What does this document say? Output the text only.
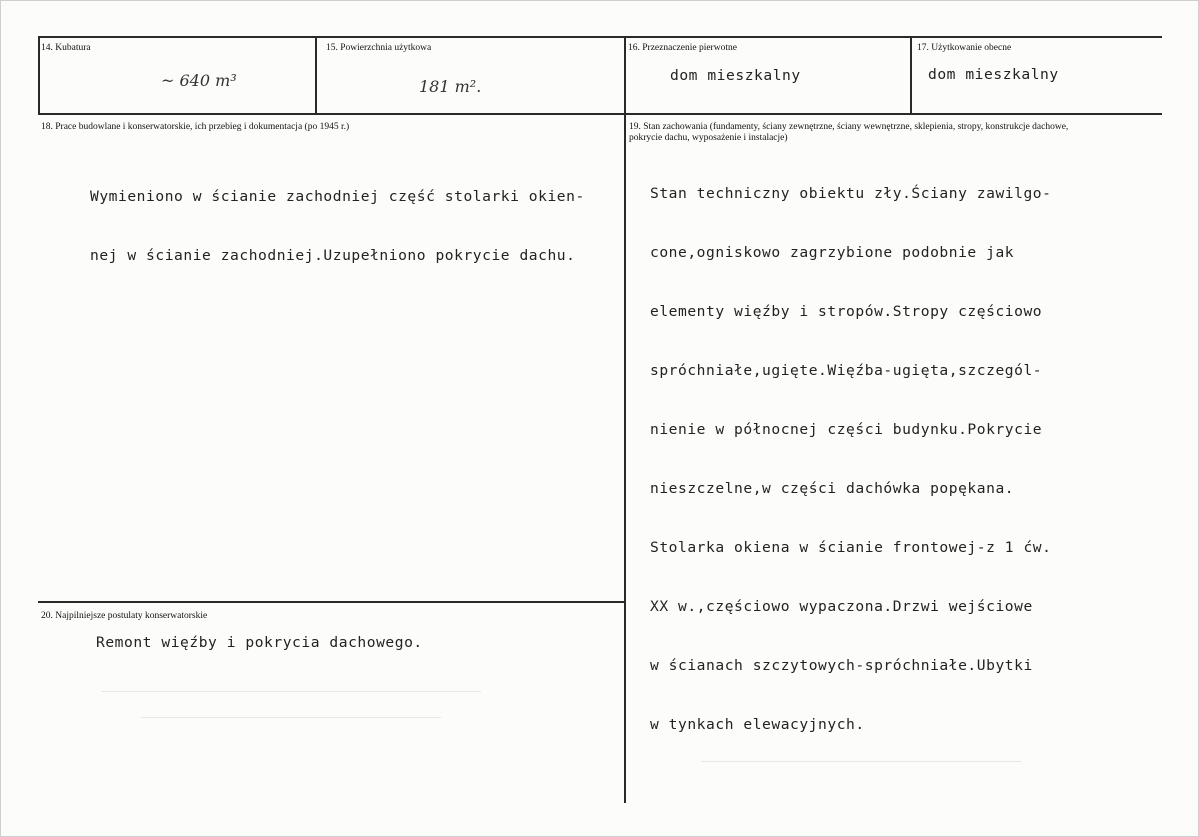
14. Kubatura
~ 640 m³
15. Powierzchnia użytkowa
181 m².
16. Przeznaczenie pierwotne
dom mieszkalny
17. Użytkowanie obecne
dom mieszkalny
18. Prace budowlane i konserwatorskie, ich przebieg i dokumentacja (po 1945 r.)

Wymieniono w ścianie zachodniej część stolarki okien-

nej w ścianie zachodniej.Uzupełniono pokrycie dachu.

19. Stan zachowania (fundamenty, ściany zewnętrzne, ściany wewnętrzne, sklepienia, stropy, konstrukcje dachowe,
pokrycie dachu, wyposażenie i instalacje)

Stan techniczny obiektu zły.Ściany zawilgo-

cone,ogniskowo zagrzybione podobnie jak

elementy więźby i stropów.Stropy częściowo

spróchniałe,ugięte.Więźba-ugięta,szczegól-

nienie w północnej części budynku.Pokrycie

nieszczelne,w części dachówka popękana.

Stolarka okiena w ścianie frontowej-z 1 ćw.

XX w.,częściowo wypaczona.Drzwi wejściowe

w ścianach szczytowych-spróchniałe.Ubytki

w tynkach elewacyjnych.

20. Najpilniejsze postulaty konserwatorskie
Remont więźby i pokrycia dachowego.
